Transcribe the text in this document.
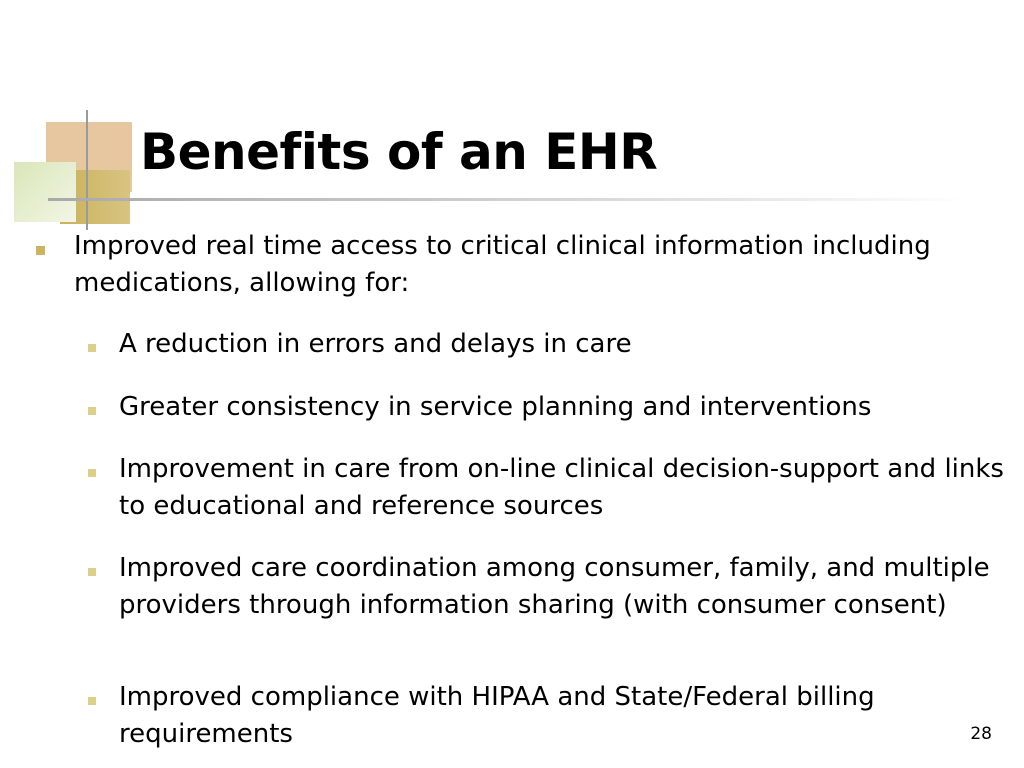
Benefits of an EHR
Improved real time access to critical clinical information including medications, allowing for:
A reduction in errors and delays in care
Greater consistency in service planning and interventions
Improvement in care from on-line clinical decision-support and links to educational and reference sources
Improved care coordination among consumer, family, and multiple providers through information sharing (with consumer consent)
Improved compliance with HIPAA and State/Federal billing requirements	28
